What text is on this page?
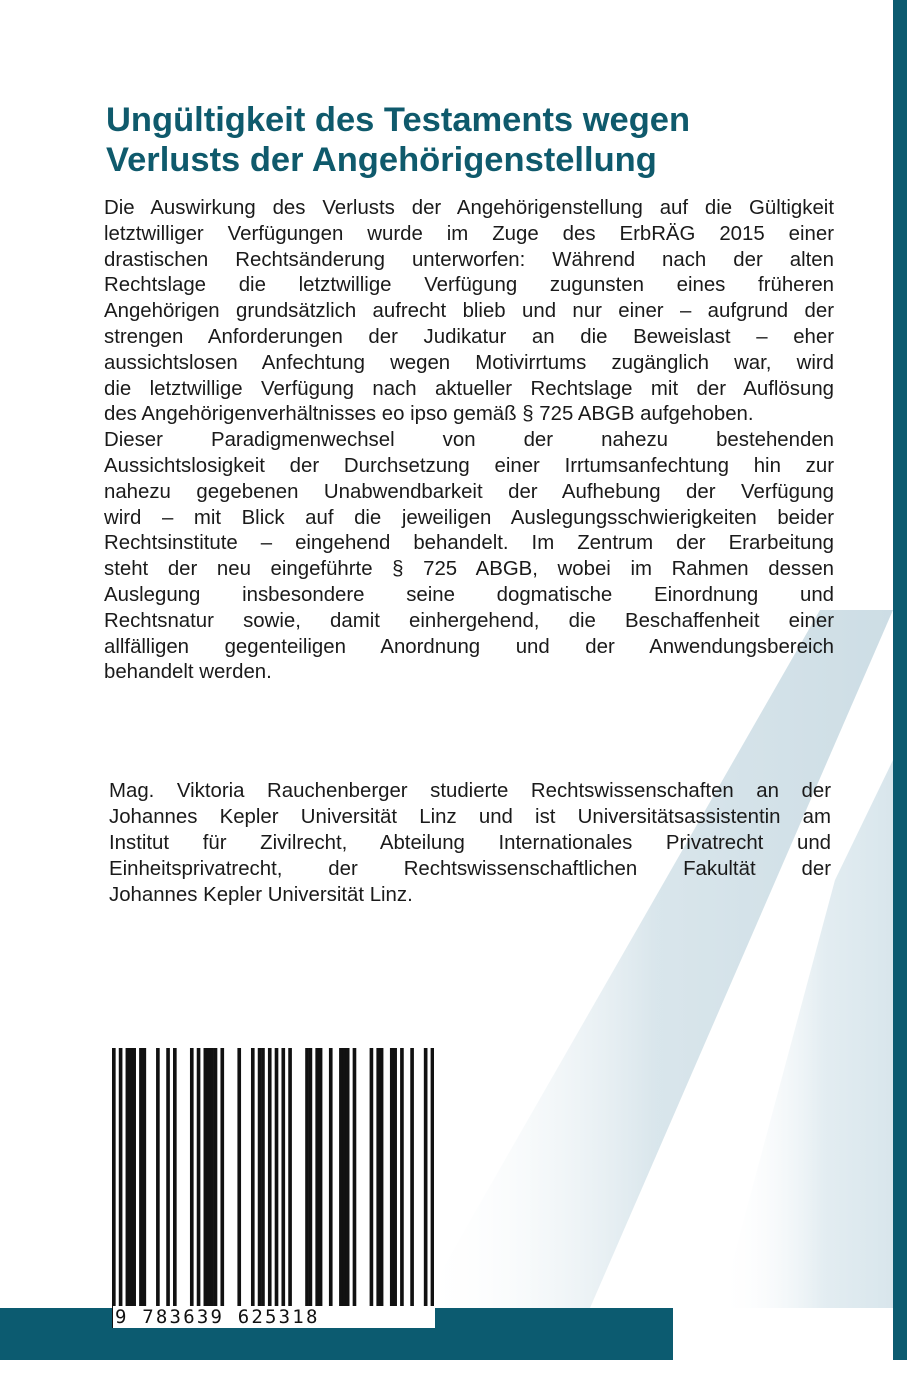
Ungültigkeit des Testaments wegen
Verlusts der Angehörigenstellung
Die Auswirkung des Verlusts der Angehörigenstellung auf die Gültigkeit
letztwilliger Verfügungen wurde im Zuge des ErbRÄG 2015 einer
drastischen Rechtsänderung unterworfen: Während nach der alten
Rechtslage die letztwillige Verfügung zugunsten eines früheren
Angehörigen grundsätzlich aufrecht blieb und nur einer – aufgrund der
strengen Anforderungen der Judikatur an die Beweislast – eher
aussichtslosen Anfechtung wegen Motivirrtums zugänglich war, wird
die letztwillige Verfügung nach aktueller Rechtslage mit der Auflösung
des Angehörigenverhältnisses eo ipso gemäß § 725 ABGB aufgehoben.
Dieser Paradigmenwechsel von der nahezu bestehenden
Aussichtslosigkeit der Durchsetzung einer Irrtumsanfechtung hin zur
nahezu gegebenen Unabwendbarkeit der Aufhebung der Verfügung
wird – mit Blick auf die jeweiligen Auslegungsschwierigkeiten beider
Rechtsinstitute – eingehend behandelt. Im Zentrum der Erarbeitung
steht der neu eingeführte § 725 ABGB, wobei im Rahmen dessen
Auslegung insbesondere seine dogmatische Einordnung und
Rechtsnatur sowie, damit einhergehend, die Beschaffenheit einer
allfälligen gegenteiligen Anordnung und der Anwendungsbereich
behandelt werden.
Mag. Viktoria Rauchenberger studierte Rechtswissenschaften an der
Johannes Kepler Universität Linz und ist Universitätsassistentin am
Institut für Zivilrecht, Abteilung Internationales Privatrecht und
Einheitsprivatrecht, der Rechtswissenschaftlichen Fakultät der
Johannes Kepler Universität Linz.
9 783639 625318
